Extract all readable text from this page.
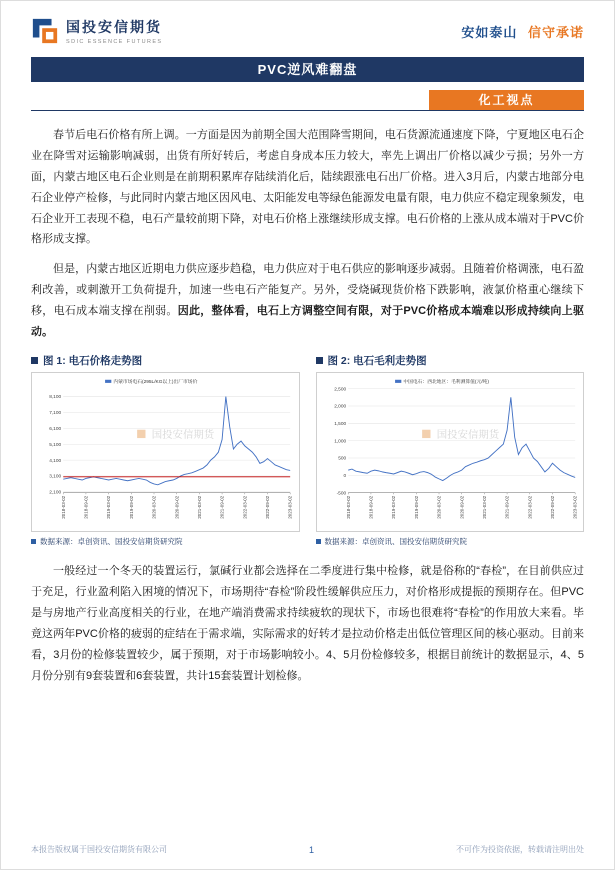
国投安信期货
SDIC ESSENCE FUTURES
安如泰山 信守承诺
PVC逆风难翻盘
化工视点

春节后电石价格有所上调。一方面是因为前期全国大范围降雪期间，电石货源流通速度下降，宁夏地区电石企业在降雪对运输影响减弱，出货有所好转后，考虑自身成本压力较大，率先上调出厂价格以减少亏损；另外一方面，内蒙古地区电石企业则是在前期积累库存陆续消化后，陆续跟涨电石出厂价格。进入3月后，内蒙古地部分电石企业停产检修，与此同时内蒙古地区因风电、太阳能发电等绿色能源发电量有限，电力供应不稳定现象频发，电石企业开工表现不稳，电石产量较前期下降，对电石价格上涨继续形成支撑。电石价格的上涨从成本端对于PVC价格形成支撑。

但是，内蒙古地区近期电力供应逐步趋稳，电力供应对于电石供应的影响逐步减弱。且随着价格调涨，电石盈利改善，或刺激开工负荷提升，加速一些电石产能复产。另外，受烧碱现货价格下跌影响，液氯价格重心继续下移，电石成本端支撑在削弱。因此，整体看，电石上方调整空间有限，对于PVC价格成本端难以形成持续向上驱动。

图 1: 电石价格走势图
2,100
3,100
4,100
5,100
6,100
7,100
8,100
2018-03-02	2018-09-02	2019-03-02	2019-09-02	2020-03-02	2020-09-02	2021-03-02	2021-09-02	2022-03-02	2022-09-02	2023-03-02
国投安信期货
内蒙市场电石(295L/KG以上)出厂市场价
数据来源：卓创资讯、国投安信期货研究院
图 2: 电石毛利走势图
-500
0
500
1,000
1,500
2,000
2,500
2018-03-02	2018-09-02	2019-03-02	2019-09-02	2020-03-02	2020-09-02	2021-03-02	2021-09-02	2022-03-02	2022-09-02	2023-03-02
国投安信期货
中国电石：西北地区：毛利测算值(元/吨)
数据来源：卓创资讯、国投安信期货研究院

一般经过一个冬天的装置运行，氯碱行业都会选择在二季度进行集中检修，就是俗称的“春检”，在目前供应过于充足，行业盈利陷入困境的情况下，市场期待“春检”阶段性缓解供应压力，对价格形成提振的预期存在。但PVC是与房地产行业高度相关的行业，在地产端消费需求持续疲软的现状下，市场也很难将“春检”的作用放大来看。毕竟这两年PVC价格的疲弱的症结在于需求端，实际需求的好转才是拉动价格走出低位管理区间的核心驱动。目前来看，3月份的检修装置较少，属于预期，对于市场影响较小。4、5月份检修较多，根据目前统计的数据显示，4、5月份分别有9套装置和6套装置，共计15套装置计划检修。

本报告版权属于国投安信期货有限公司	1	不可作为投资依据，转载请注明出处
